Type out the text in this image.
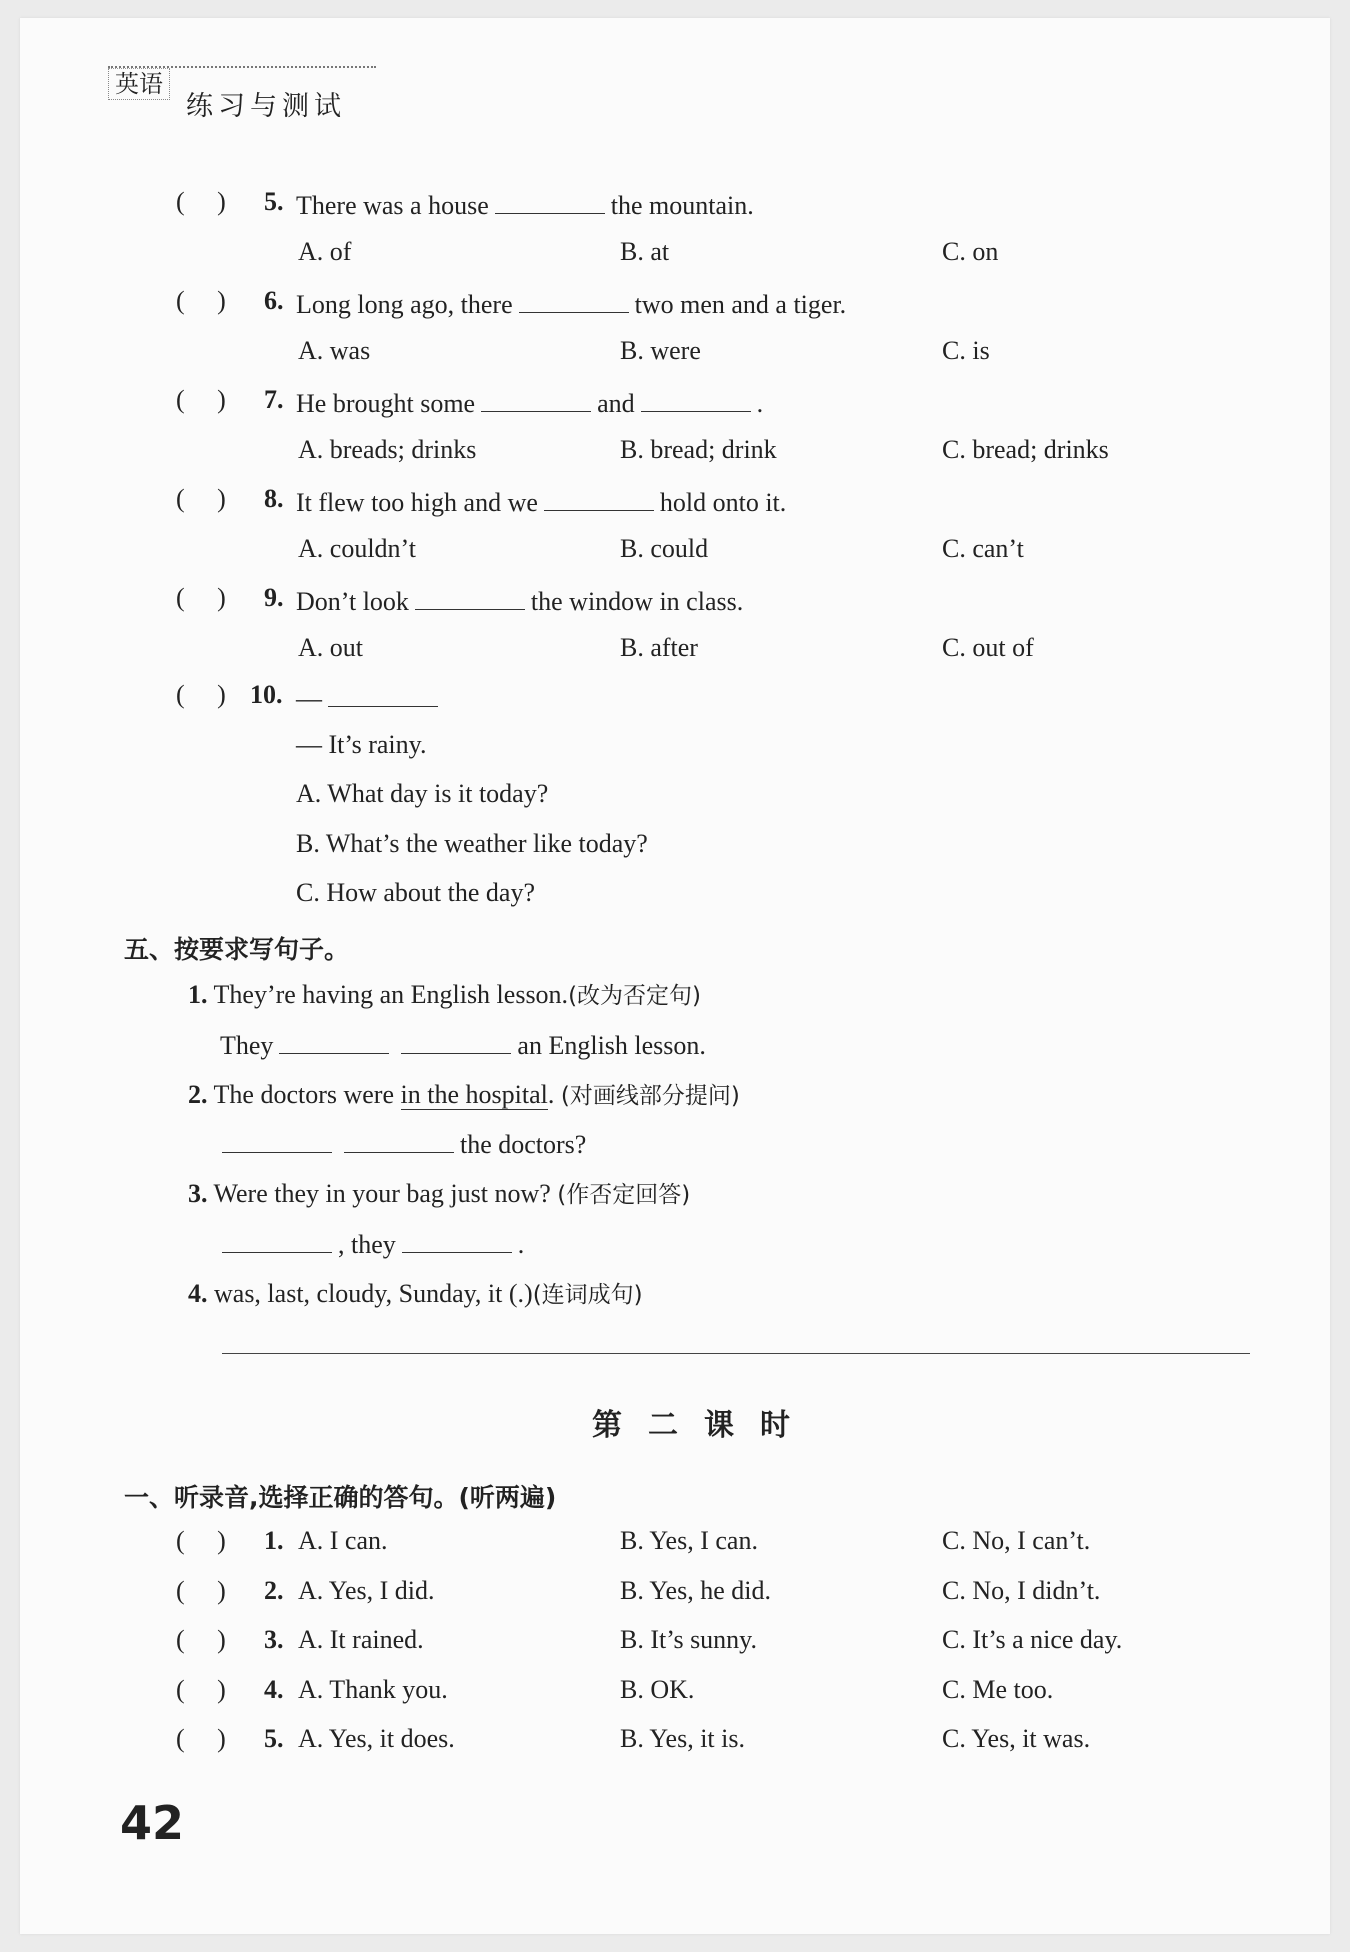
英语
练习与测试
(     ) 5. There was a house	the mountain.
A. of	B. at	C. on
(     ) 6. Long long ago, there	two men and a tiger.
A. was	B. were	C. is
(     ) 7. He brought some	and	.
A. breads; drinks	B. bread; drink	C. bread; drinks
(     ) 8. It flew too high and we	hold onto it.
A. couldn’t	B. could	C. can’t
(     ) 9. Don’t look	the window in class.
A. out	B. after	C. out of
(     ) 10. —
— It’s rainy.
A. What day is it today?
B. What’s the weather like today?
C. How about the day?
五、按要求写句子。
1. They’re having an English lesson.(改为否定句)
They	an English lesson.
2. The doctors were in the hospital. (对画线部分提问)
the doctors?
3. Were they in your bag just now? (作否定回答)
, they	.
4. was, last, cloudy, Sunday, it (.)(连词成句)
第二课时
一、听录音,选择正确的答句。(听两遍)
(     ) 1. A. I can.	B. Yes, I can.	C. No, I can’t.
(     ) 2. A. Yes, I did.	B. Yes, he did.	C. No, I didn’t.
(     ) 3. A. It rained.	B. It’s sunny.	C. It’s a nice day.
(     ) 4. A. Thank you.	B. OK.	C. Me too.
(     ) 5. A. Yes, it does.	B. Yes, it is.	C. Yes, it was.
42
